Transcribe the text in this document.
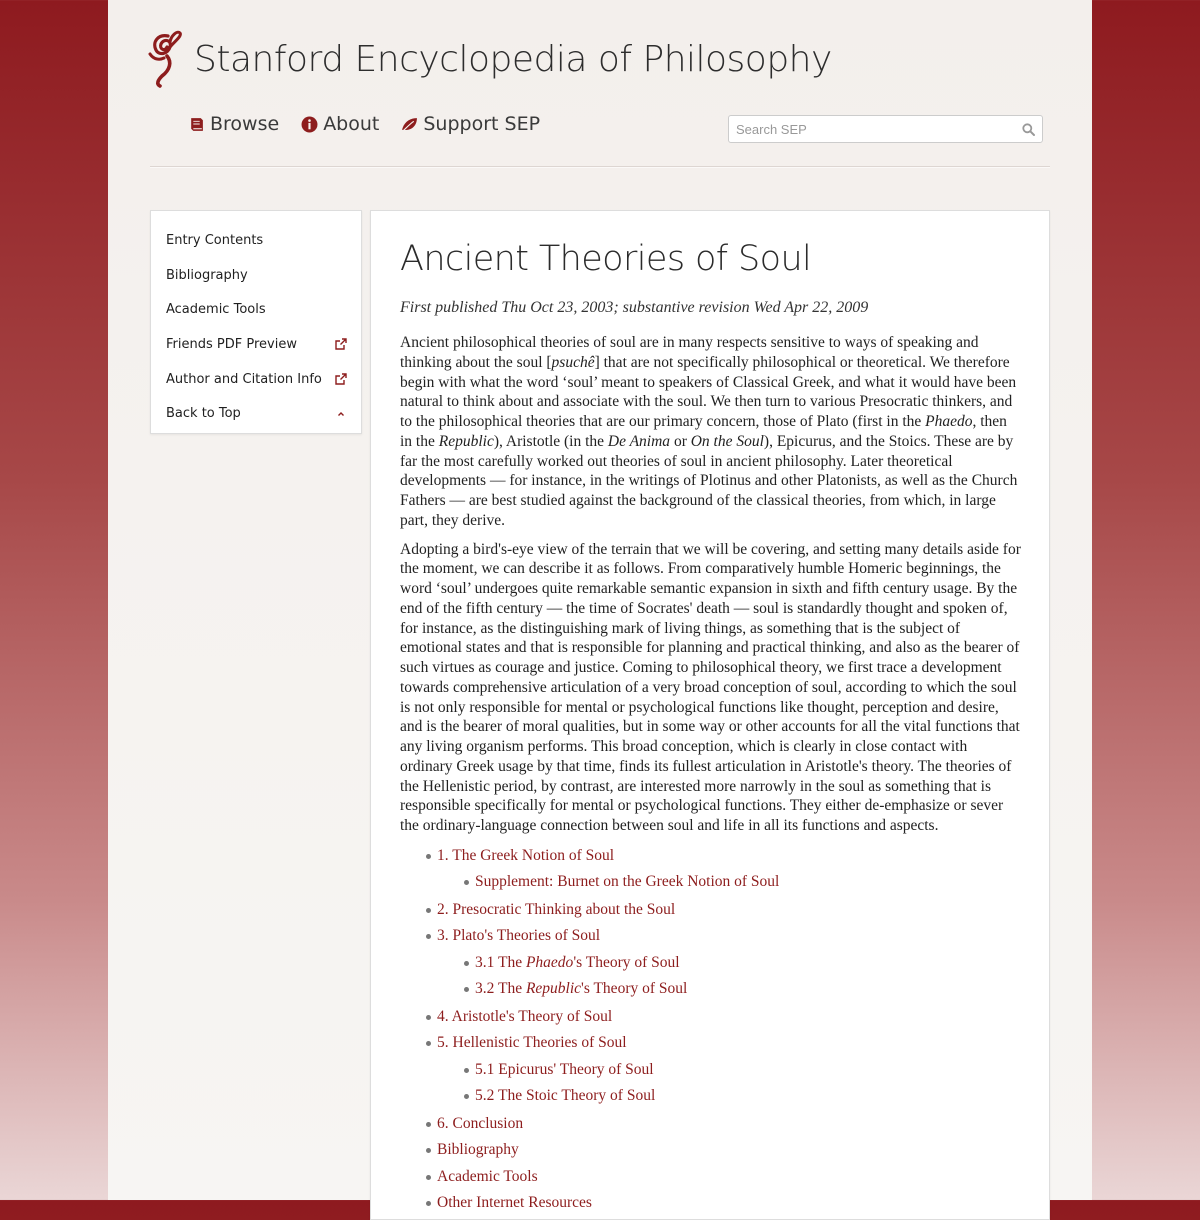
Stanford Encyclopedia of Philosophy
Browse About Support SEP
Search SEP
Entry Contents
Bibliography
Academic Tools
Friends PDF Preview
Author and Citation Info
Back to Top
Ancient Theories of Soul
First published Thu Oct 23, 2003; substantive revision Wed Apr 22, 2009

Ancient philosophical theories of soul are in many respects sensitive to ways of speaking and thinking about the soul [psuchê] that are not specifically philosophical or theoretical. We therefore begin with what the word ‘soul’ meant to speakers of Classical Greek, and what it would have been natural to think about and associate with the soul. We then turn to various Presocratic thinkers, and to the philosophical theories that are our primary concern, those of Plato (first in the Phaedo, then in the Republic), Aristotle (in the De Anima or On the Soul), Epicurus, and the Stoics. These are by far the most carefully worked out theories of soul in ancient philosophy. Later theoretical developments — for instance, in the writings of Plotinus and other Platonists, as well as the Church Fathers — are best studied against the background of the classical theories, from which, in large part, they derive.

Adopting a bird's-eye view of the terrain that we will be covering, and setting many details aside for the moment, we can describe it as follows. From comparatively humble Homeric beginnings, the word ‘soul’ undergoes quite remarkable semantic expansion in sixth and fifth century usage. By the end of the fifth century — the time of Socrates' death — soul is standardly thought and spoken of, for instance, as the distinguishing mark of living things, as something that is the subject of emotional states and that is responsible for planning and practical thinking, and also as the bearer of such virtues as courage and justice. Coming to philosophical theory, we first trace a development towards comprehensive articulation of a very broad conception of soul, according to which the soul is not only responsible for mental or psychological functions like thought, perception and desire, and is the bearer of moral qualities, but in some way or other accounts for all the vital functions that any living organism performs. This broad conception, which is clearly in close contact with ordinary Greek usage by that time, finds its fullest articulation in Aristotle's theory. The theories of the Hellenistic period, by contrast, are interested more narrowly in the soul as something that is responsible specifically for mental or psychological functions. They either de-emphasize or sever the ordinary-language connection between soul and life in all its functions and aspects.

1. The Greek Notion of Soul
Supplement: Burnet on the Greek Notion of Soul
2. Presocratic Thinking about the Soul
3. Plato's Theories of Soul
3.1 The Phaedo's Theory of Soul
3.2 The Republic's Theory of Soul
4. Aristotle's Theory of Soul
5. Hellenistic Theories of Soul
5.1 Epicurus' Theory of Soul
5.2 The Stoic Theory of Soul
6. Conclusion
Bibliography
Academic Tools
Other Internet Resources
